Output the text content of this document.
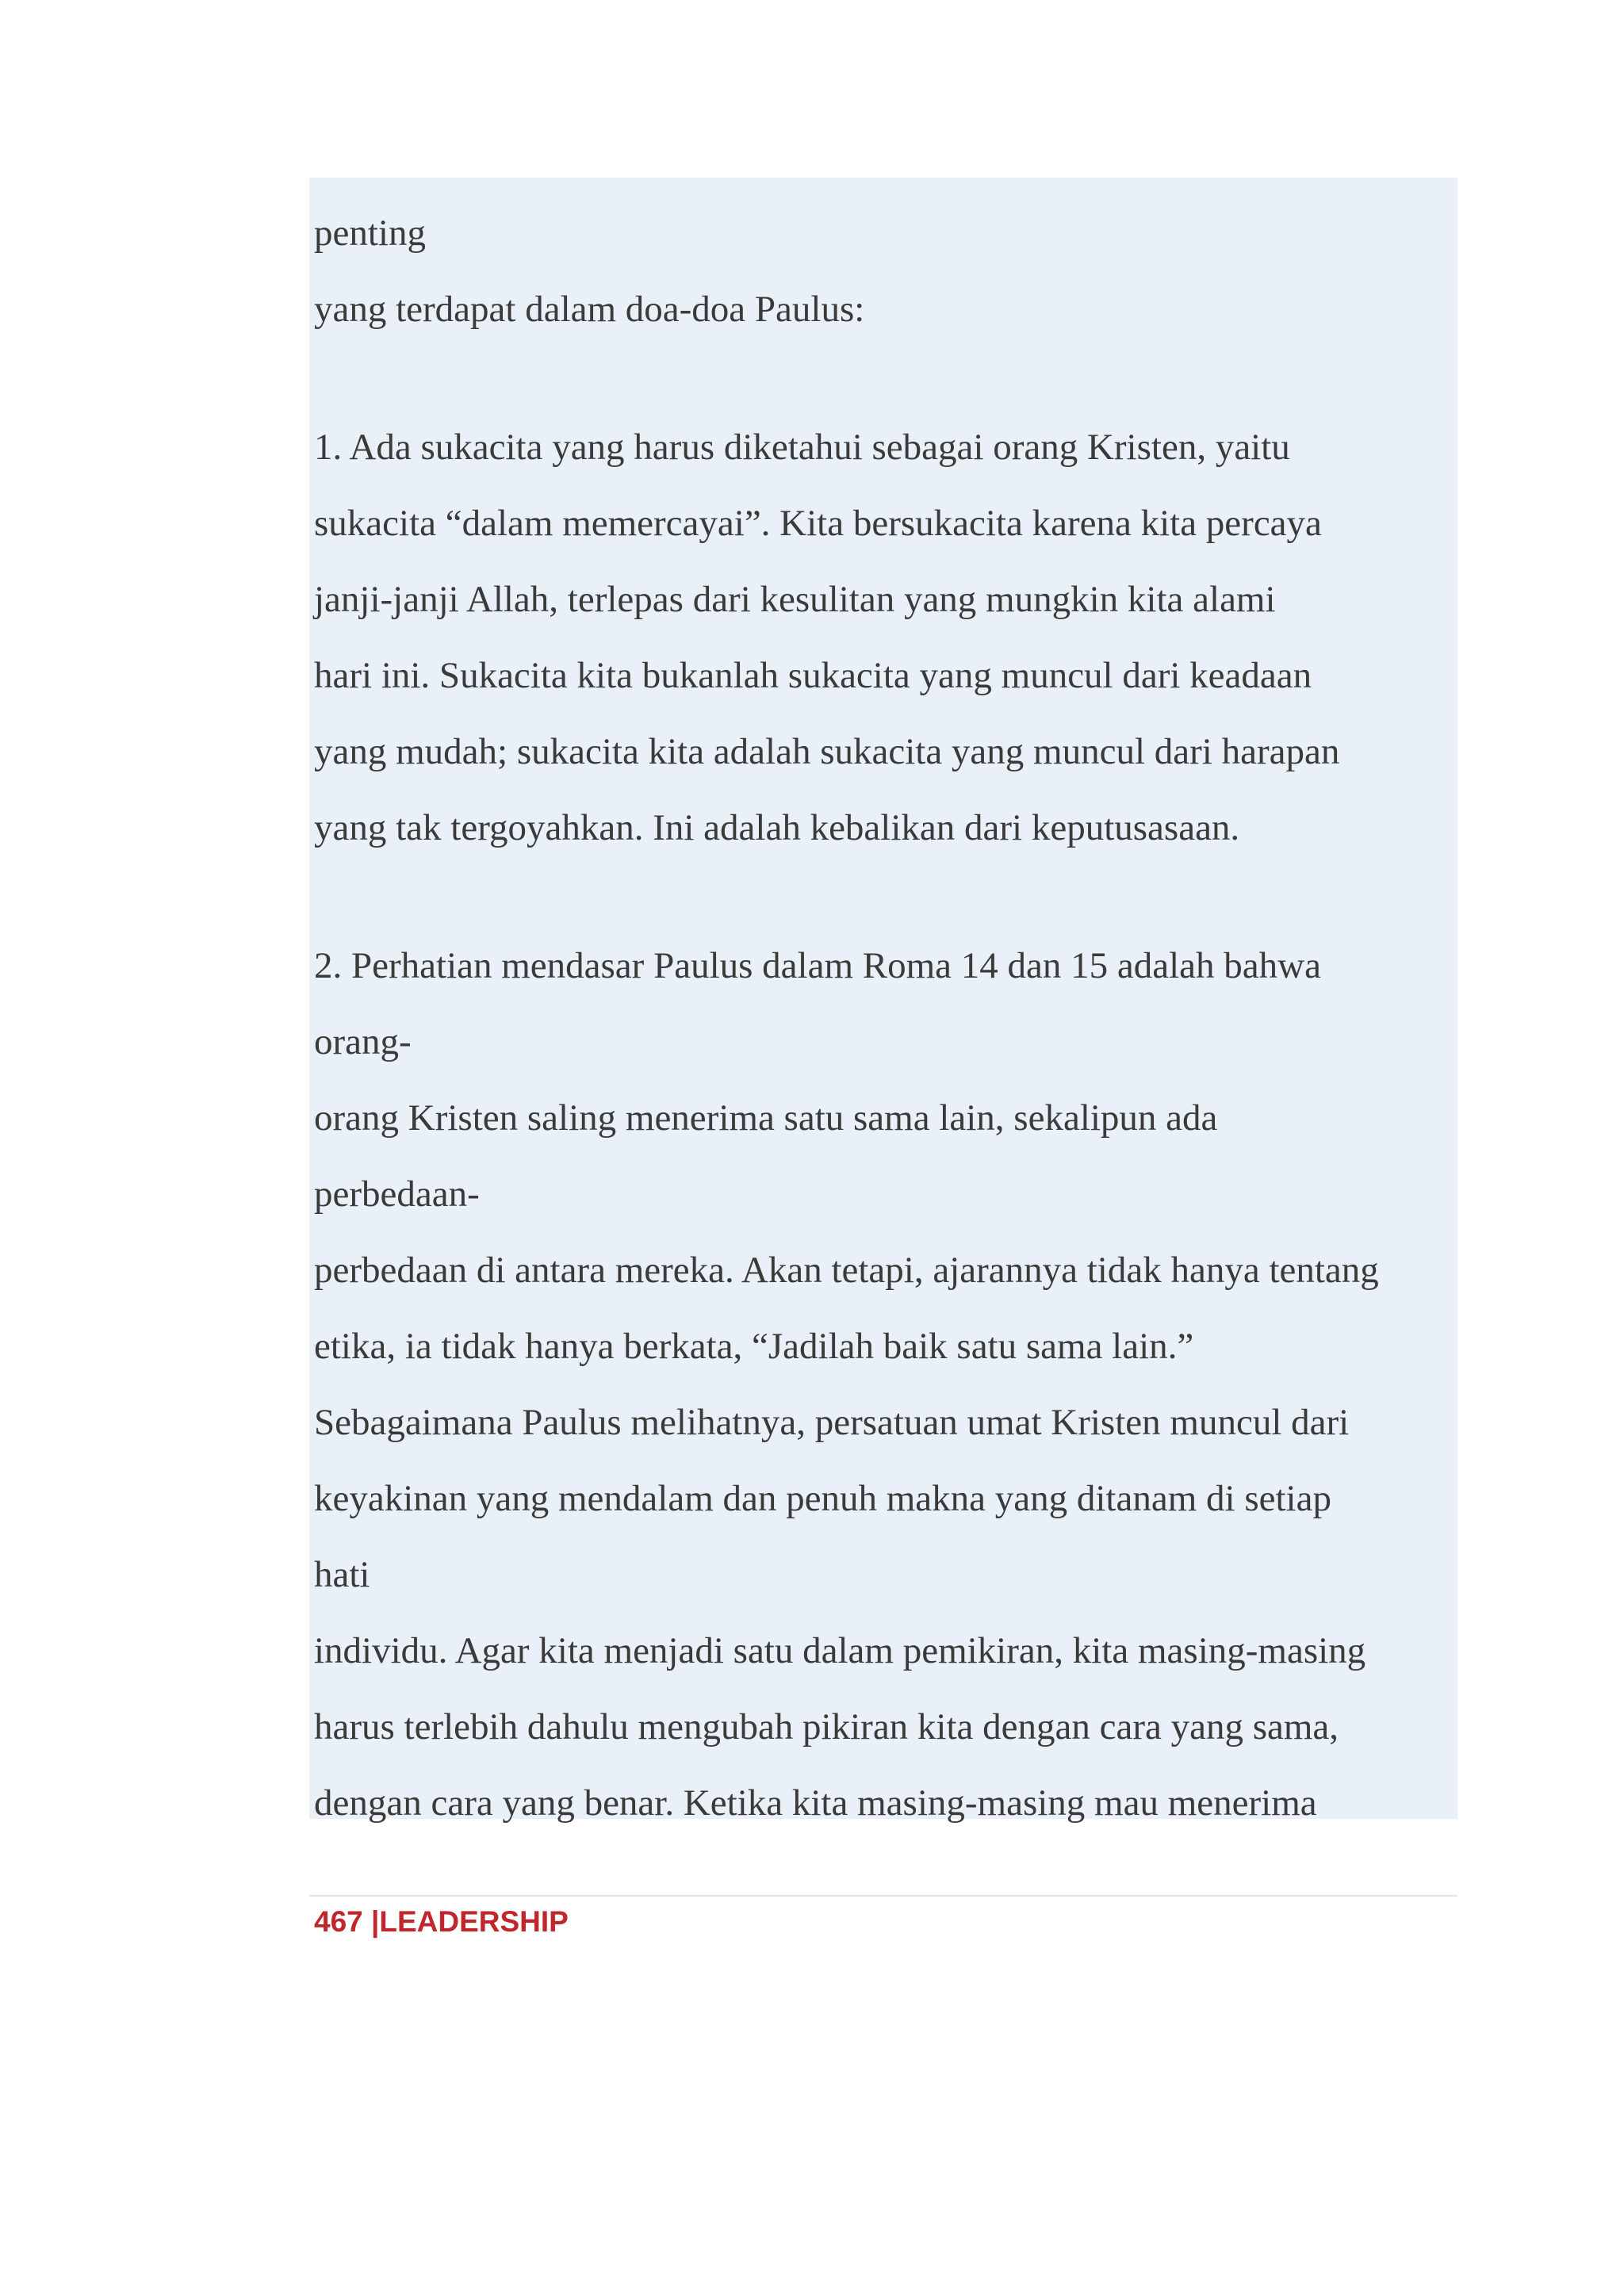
penting
yang terdapat dalam doa-doa Paulus:
1. Ada sukacita yang harus diketahui sebagai orang Kristen, yaitu
sukacita “dalam memercayai”. Kita bersukacita karena kita percaya
janji-janji Allah, terlepas dari kesulitan yang mungkin kita alami
hari ini. Sukacita kita bukanlah sukacita yang muncul dari keadaan
yang mudah; sukacita kita adalah sukacita yang muncul dari harapan
yang tak tergoyahkan. Ini adalah kebalikan dari keputusasaan.
2. Perhatian mendasar Paulus dalam Roma 14 dan 15 adalah bahwa
orang-
orang Kristen saling menerima satu sama lain, sekalipun ada
perbedaan-
perbedaan di antara mereka. Akan tetapi, ajarannya tidak hanya tentang
etika, ia tidak hanya berkata, “Jadilah baik satu sama lain.”
Sebagaimana Paulus melihatnya, persatuan umat Kristen muncul dari
keyakinan yang mendalam dan penuh makna yang ditanam di setiap
hati
individu. Agar kita menjadi satu dalam pemikiran, kita masing-masing
harus terlebih dahulu mengubah pikiran kita dengan cara yang sama,
dengan cara yang benar. Ketika kita masing-masing mau menerima
467 |LEADERSHIP
